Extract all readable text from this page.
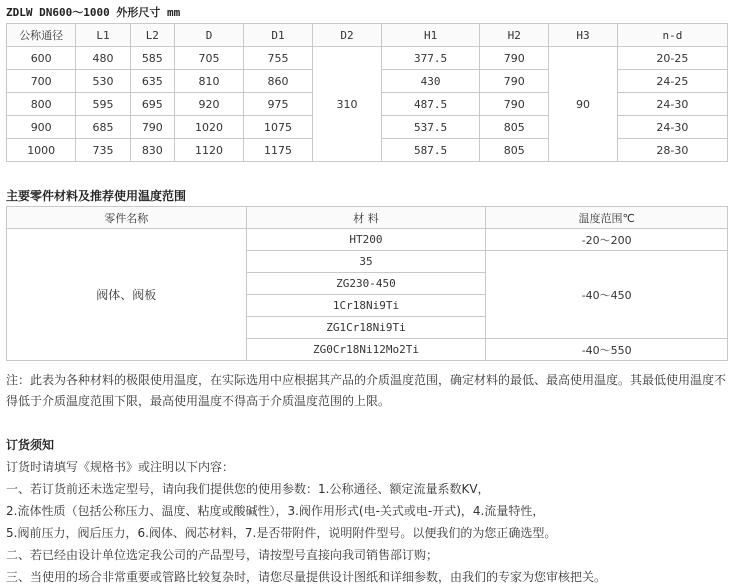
ZDLW DN600～1000 外形尺寸 mm
公称通径	L1	L2	D	D1	D2	H1	H2	H3	n-d
600	480	585	705	755	310	377.5	790	90	20-25
700	530	635	810	860		430	790		24-25
800	595	695	920	975		487.5	790		24-30
900	685	790	1020	1075		537.5	805		24-30
1000	735	830	1120	1175		587.5	805		28-30
主要零件材料及推荐使用温度范围
零件名称	材 料	温度范围℃
阀体、阀板	HT200	-20～200
	35	-40～450
	ZG230-450	
	1Cr18Ni9Ti	
	ZG1Cr18Ni9Ti	
	ZG0Cr18Ni12Mo2Ti	-40～550
注：此表为各种材料的极限使用温度，在实际选用中应根据其产品的介质温度范围，确定材料的最低、最高使用温度。其最低使用温度不得低于介质温度范围下限，最高使用温度不得高于介质温度范围的上限。
订货须知
订货时请填写《规格书》或注明以下内容：
一、若订货前还未选定型号，请向我们提供您的使用参数：1.公称通径、额定流量系数KV，
2.流体性质（包括公称压力、温度、粘度或酸碱性），3.阀作用形式(电-关式或电-开式)，4.流量特性，
5.阀前压力，阀后压力，6.阀体、阀芯材料，7.是否带附件，说明附件型号。以便我们的为您正确选型。
二、若已经由设计单位选定我公司的产品型号，请按型号直接向我司销售部订购；
三、当使用的场合非常重要或管路比较复杂时，请您尽量提供设计图纸和详细参数，由我们的专家为您审核把关。
